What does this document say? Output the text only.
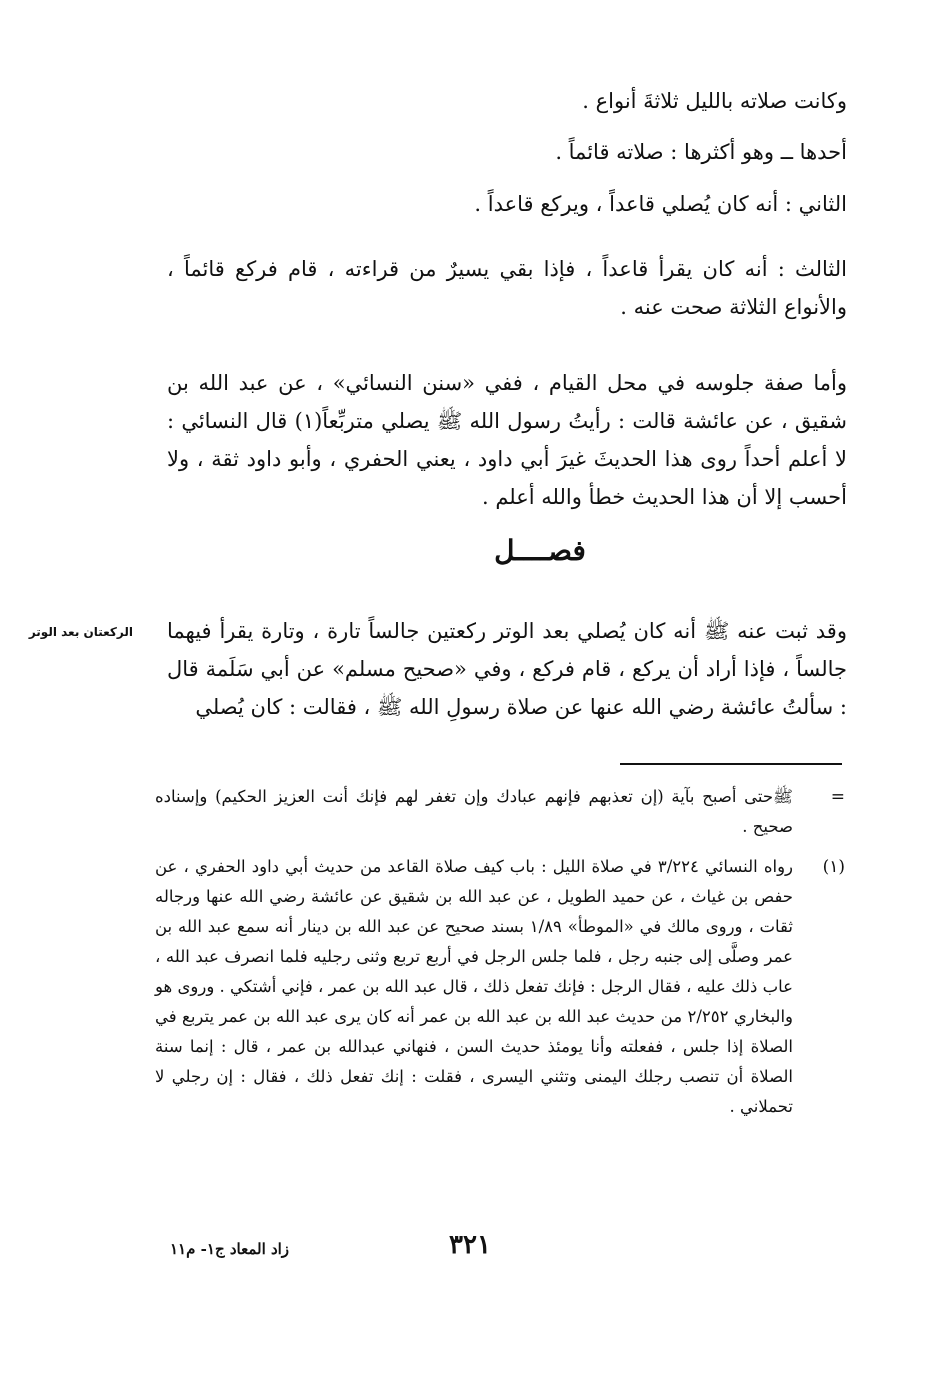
وكانت صلاته بالليل ثلاثةَ أنواع .

أحدها ــ وهو أكثرها : صلاته قائماً .

الثاني : أنه كان يُصلي قاعداً ، ويركع قاعداً .

الثالث : أنه كان يقرأ قاعداً ، فإذا بقي يسيرٌ من قراءته ، قام فركع قائماً ، والأنواع الثلاثة صحت عنه .

وأما صفة جلوسه في محل القيام ، ففي «سنن النسائي» ، عن عبد الله بن شقيق ، عن عائشة قالت : رأيتُ رسول الله ﷺ يصلي متربِّعاً(١) قال النسائي : لا أعلم أحداً روى هذا الحديثَ غيرَ أبي داود ، يعني الحفري ، وأبو داود ثقة ، ولا أحسب إلا أن هذا الحديث خطأ والله أعلم .

فصــــل

وقد ثبت عنه ﷺ أنه كان يُصلي بعد الوتر ركعتين جالساً تارة ، وتارة يقرأ فيهما جالساً ، فإذا أراد أن يركع ، قام فركع ، وفي «صحيح مسلم» عن أبي سَلَمة قال : سألتُ عائشة رضي الله عنها عن صلاة رسولِ الله ﷺ ، فقالت : كان يُصلي

الركعتان بعد الوتر
=

ﷺحتى أصبح بآية (إن تعذبهم فإنهم عبادك وإن تغفر لهم فإنك أنت العزيز الحكيم) وإسناده صحيح .

(١)

رواه النسائي ٣/٢٢٤ في صلاة الليل : باب كيف صلاة القاعد من حديث أبي داود الحفري ، عن حفص بن غياث ، عن حميد الطويل ، عن عبد الله بن شقيق عن عائشة رضي الله عنها ورجاله ثقات ، وروى مالك في «الموطأ» ١/٨٩ بسند صحيح عن عبد الله بن دينار أنه سمع عبد الله بن عمر وصلَّى إلى جنبه رجل ، فلما جلس الرجل في أربع تربع وثنى رجليه فلما انصرف عبد الله ، عاب ذلك عليه ، فقال الرجل : فإنك تفعل ذلك ، قال عبد الله بن عمر ، فإني أشتكي . وروى هو والبخاري ٢/٢٥٢ من حديث عبد الله بن عبد الله بن عمر أنه كان يرى عبد الله بن عمر يتربع في الصلاة إذا جلس ، ففعلته وأنا يومئذ حديث السن ، فنهاني عبدالله بن عمر ، قال : إنما سنة الصلاة أن تنصب رجلك اليمنى وتثني اليسرى ، فقلت : إنك تفعل ذلك ، فقال : إن رجلي لا تحملاني .

٣٢١
زاد المعاد ج١- م١١
